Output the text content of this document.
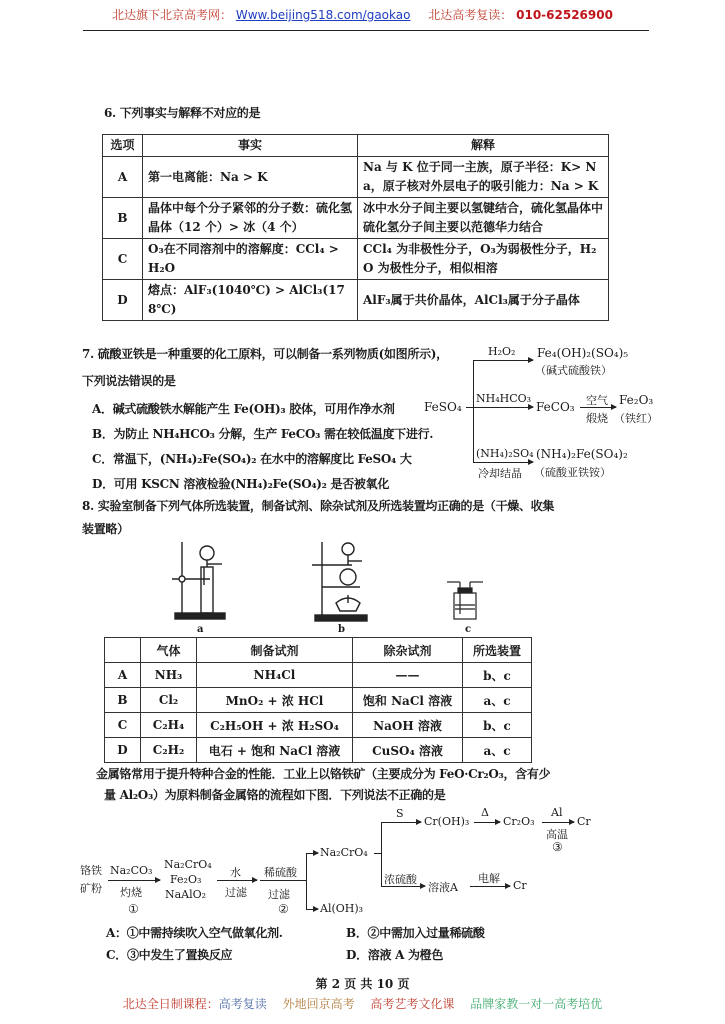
北达旗下北京高考网： Www.beijing518.com/gaokao 北达高考复读： 010-62526900
6. 下列事实与解释不对应的是
选项	事实	解释
A	第一电离能：Na > K	Na 与 K 位于同一主族，原子半径：K> Na，原子核对外层电子的吸引能力：Na > K
B	晶体中每个分子紧邻的分子数：硫化氢晶体（12 个）> 冰（4 个）	冰中水分子间主要以氢键结合，硫化氢晶体中硫化氢分子间主要以范德华力结合
C	O₃在不同溶剂中的溶解度：CCl₄ > H₂O	CCl₄ 为非极性分子，O₃为弱极性分子，H₂O 为极性分子，相似相溶
D	熔点：AlF₃(1040℃) > AlCl₃(178℃)	AlF₃属于共价晶体，AlCl₃属于分子晶体
7. 硫酸亚铁是一种重要的化工原料，可以制备一系列物质(如图所示)，
下列说法错误的是
A．碱式硫酸铁水解能产生 Fe(OH)₃ 胶体，可用作净水剂
B．为防止 NH₄HCO₃ 分解，生产 FeCO₃ 需在较低温度下进行.
C．常温下，(NH₄)₂Fe(SO₄)₂ 在水中的溶解度比 FeSO₄ 大
D．可用 KSCN 溶液检验(NH₄)₂Fe(SO₄)₂ 是否被氧化
FeSO₄
H₂O₂ Fe₄(OH)₂(SO₄)₅
（碱式硫酸铁）
NH₄HCO₃
FeCO₃ 空气
煅烧
Fe₂O₃
（铁红）
(NH₄)₂SO₄
冷却结晶
(NH₄)₂Fe(SO₄)₂
（硫酸亚铁铵）
8. 实验室制备下列气体所选装置，制备试剂、除杂试剂及所选装置均正确的是（干燥、收集
装置略）
a	b	c
	气体	制备试剂	除杂试剂	所选装置
A	NH₃	NH₄Cl	——	b、c
B	Cl₂	MnO₂ + 浓 HCl	饱和 NaCl 溶液	a、c
C	C₂H₄	C₂H₅OH + 浓 H₂SO₄	NaOH 溶液	b、c
D	C₂H₂	电石 + 饱和 NaCl 溶液	CuSO₄ 溶液	a、c
金属铬常用于提升特种合金的性能．工业上以铬铁矿（主要成分为 FeO·Cr₂O₃，含有少
量 Al₂O₃）为原料制备金属铬的流程如下图．下列说法不正确的是
铬铁
矿粉
Na₂CO₃
灼烧
①
Na₂CrO₄
Fe₂O₃
NaAlO₂
水
过滤
稀硫酸
过滤
②
Na₂CrO₄
Al(OH)₃
S
Cr(OH)₃
Δ
Cr₂O₃
Al
高温
③
Cr
浓硫酸
溶液A
电解
Cr
A：①中需持续吹入空气做氧化剂.	B．②中需加入过量稀硫酸
C．③中发生了置换反应	D．溶液 A 为橙色
第 2 页 共 10 页
北达全日制课程：高考复读 外地回京高考 高考艺考文化课 品牌家教一对一高考培优
